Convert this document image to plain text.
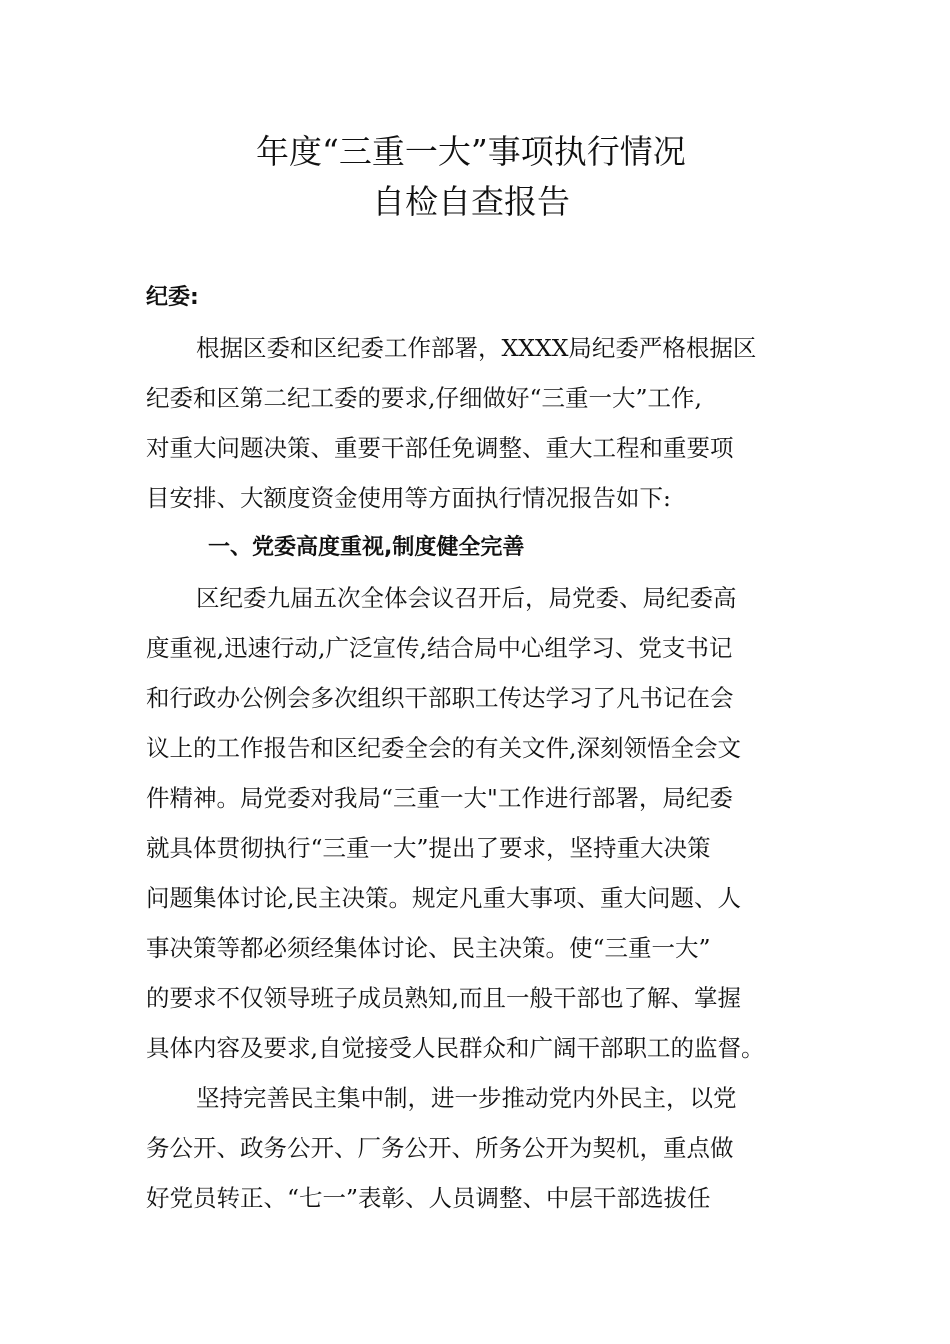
年度“三重一大”事项执行情况
自检自查报告
纪委:
根据区委和区纪委工作部署，XXXX局纪委严格根据区
纪委和区第二纪工委的要求,仔细做好“三重一大”工作,
对重大问题决策、重要干部任免调整、重大工程和重要项
目安排、大额度资金使用等方面执行情况报告如下:
一、党委高度重视,制度健全完善
区纪委九届五次全体会议召开后，局党委、局纪委高
度重视,迅速行动,广泛宣传,结合局中心组学习、党支书记
和行政办公例会多次组织干部职工传达学习了凡书记在会
议上的工作报告和区纪委全会的有关文件,深刻领悟全会文
件精神。局党委对我局“三重一大"工作进行部署，局纪委
就具体贯彻执行“三重一大”提出了要求，坚持重大决策
问题集体讨论,民主决策。规定凡重大事项、重大问题、人
事决策等都必须经集体讨论、民主决策。使“三重一大”
的要求不仅领导班子成员熟知,而且一般干部也了解、掌握
具体内容及要求,自觉接受人民群众和广阔干部职工的监督。
坚持完善民主集中制，进一步推动党内外民主，以党
务公开、政务公开、厂务公开、所务公开为契机，重点做
好党员转正、“七一”表彰、人员调整、中层干部选拔任
